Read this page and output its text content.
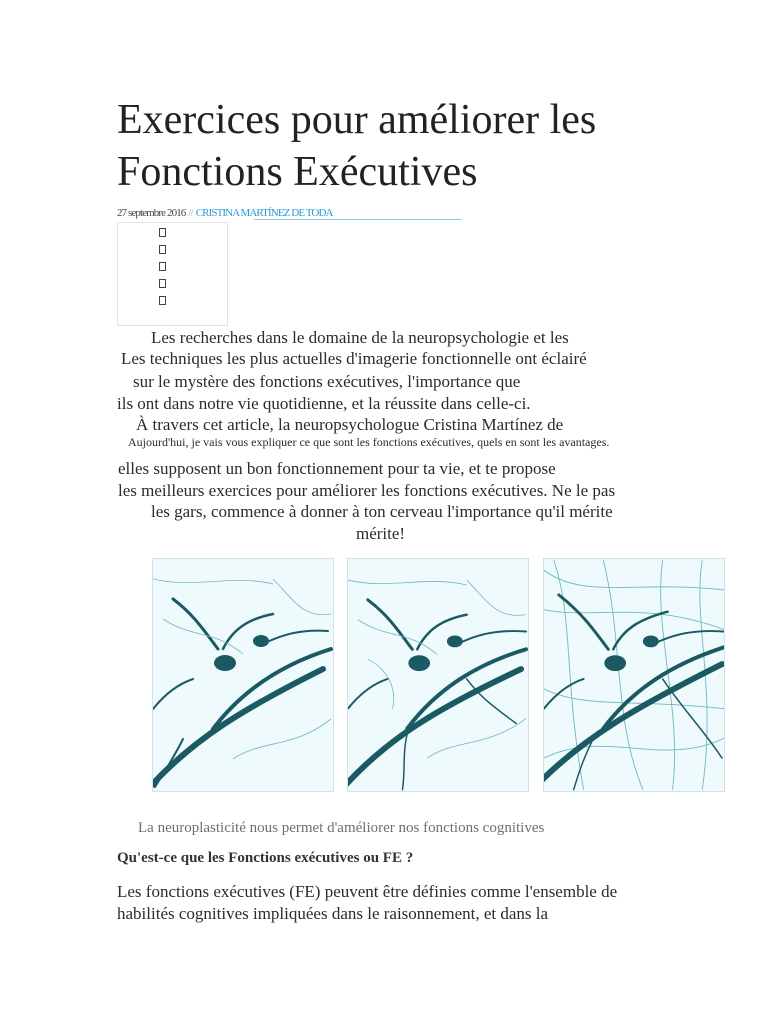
Exercices pour améliorer les Fonctions Exécutives
27 septembre 2016 // CRISTINA MARTÍNEZ DE TODA

Les recherches dans le domaine de la neuropsychologie et les

Les techniques les plus actuelles d'imagerie fonctionnelle ont éclairé

sur le mystère des fonctions exécutives, l'importance que

ils ont dans notre vie quotidienne, et la réussite dans celle-ci.

À travers cet article, la neuropsychologue Cristina Martínez de

Aujourd'hui, je vais vous expliquer ce que sont les fonctions exécutives, quels en sont les avantages.

elles supposent un bon fonctionnement pour ta vie, et te propose

les meilleurs exercices pour améliorer les fonctions exécutives. Ne le pas

les gars, commence à donner à ton cerveau l'importance qu'il mérite

mérite!

La neuroplasticité nous permet d'améliorer nos fonctions cognitives

Qu'est-ce que les Fonctions exécutives ou FE ?

Les fonctions exécutives (FE) peuvent être définies comme l'ensemble de

habilités cognitives impliquées dans le raisonnement, et dans la
